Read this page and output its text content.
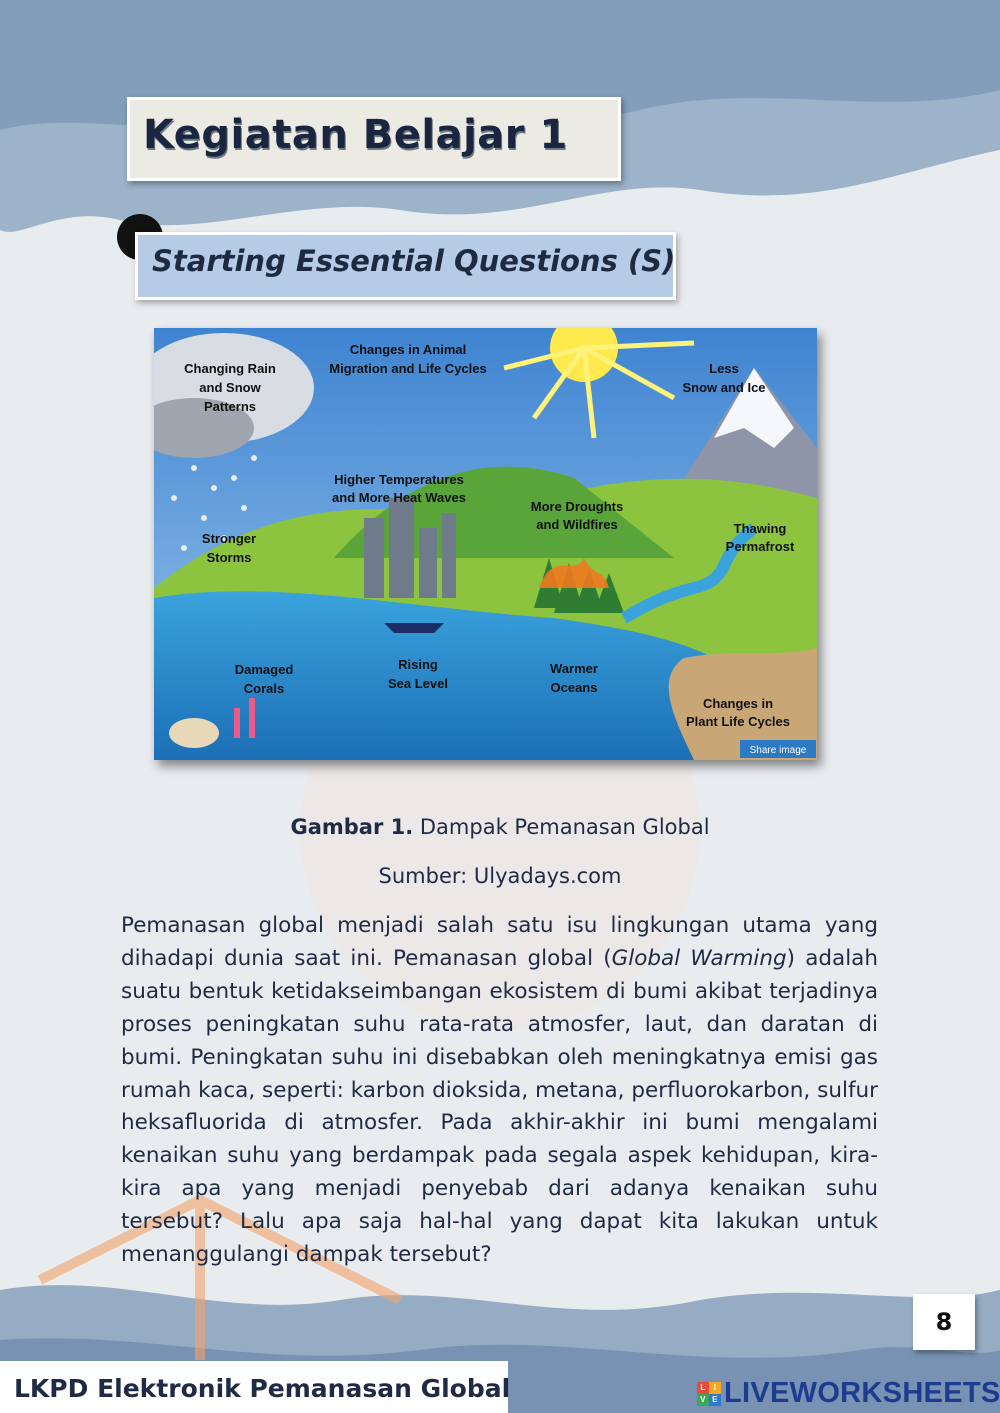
Kegiatan Belajar 1
Starting Essential Questions (S)
Changing Rain
and Snow
Patterns
Changes in Animal
Migration and Life Cycles	Less
Snow and Ice
Higher Temperatures
and More Heat Waves
More Droughts
and Wildfires
Stronger
Storms
Thawing
Permafrost
Damaged
Corals
Rising
Sea Level
Warmer
Oceans
Changes in
Plant Life Cycles
Share image
Gambar 1. Dampak Pemanasan Global
Sumber: Ulyadays.com
Pemanasan global menjadi salah satu isu lingkungan utama yang dihadapi dunia saat ini. Pemanasan global (Global Warming) adalah suatu bentuk ketidakseimbangan ekosistem di bumi akibat terjadinya proses peningkatan suhu rata-rata atmosfer, laut, dan daratan di bumi. Peningkatan suhu ini disebabkan oleh meningkatnya emisi gas rumah kaca, seperti: karbon dioksida, metana, perfluorokarbon, sulfur heksafluorida di atmosfer. Pada akhir-akhir ini bumi mengalami kenaikan suhu yang berdampak pada segala aspek kehidupan, kira-kira apa yang menjadi penyebab dari adanya kenaikan suhu tersebut? Lalu apa saja hal-hal yang dapat kita lakukan untuk menanggulangi dampak tersebut?
8
LKPD Elektronik Pemanasan Global	L	I
V E LIVEWORKSHEETS
